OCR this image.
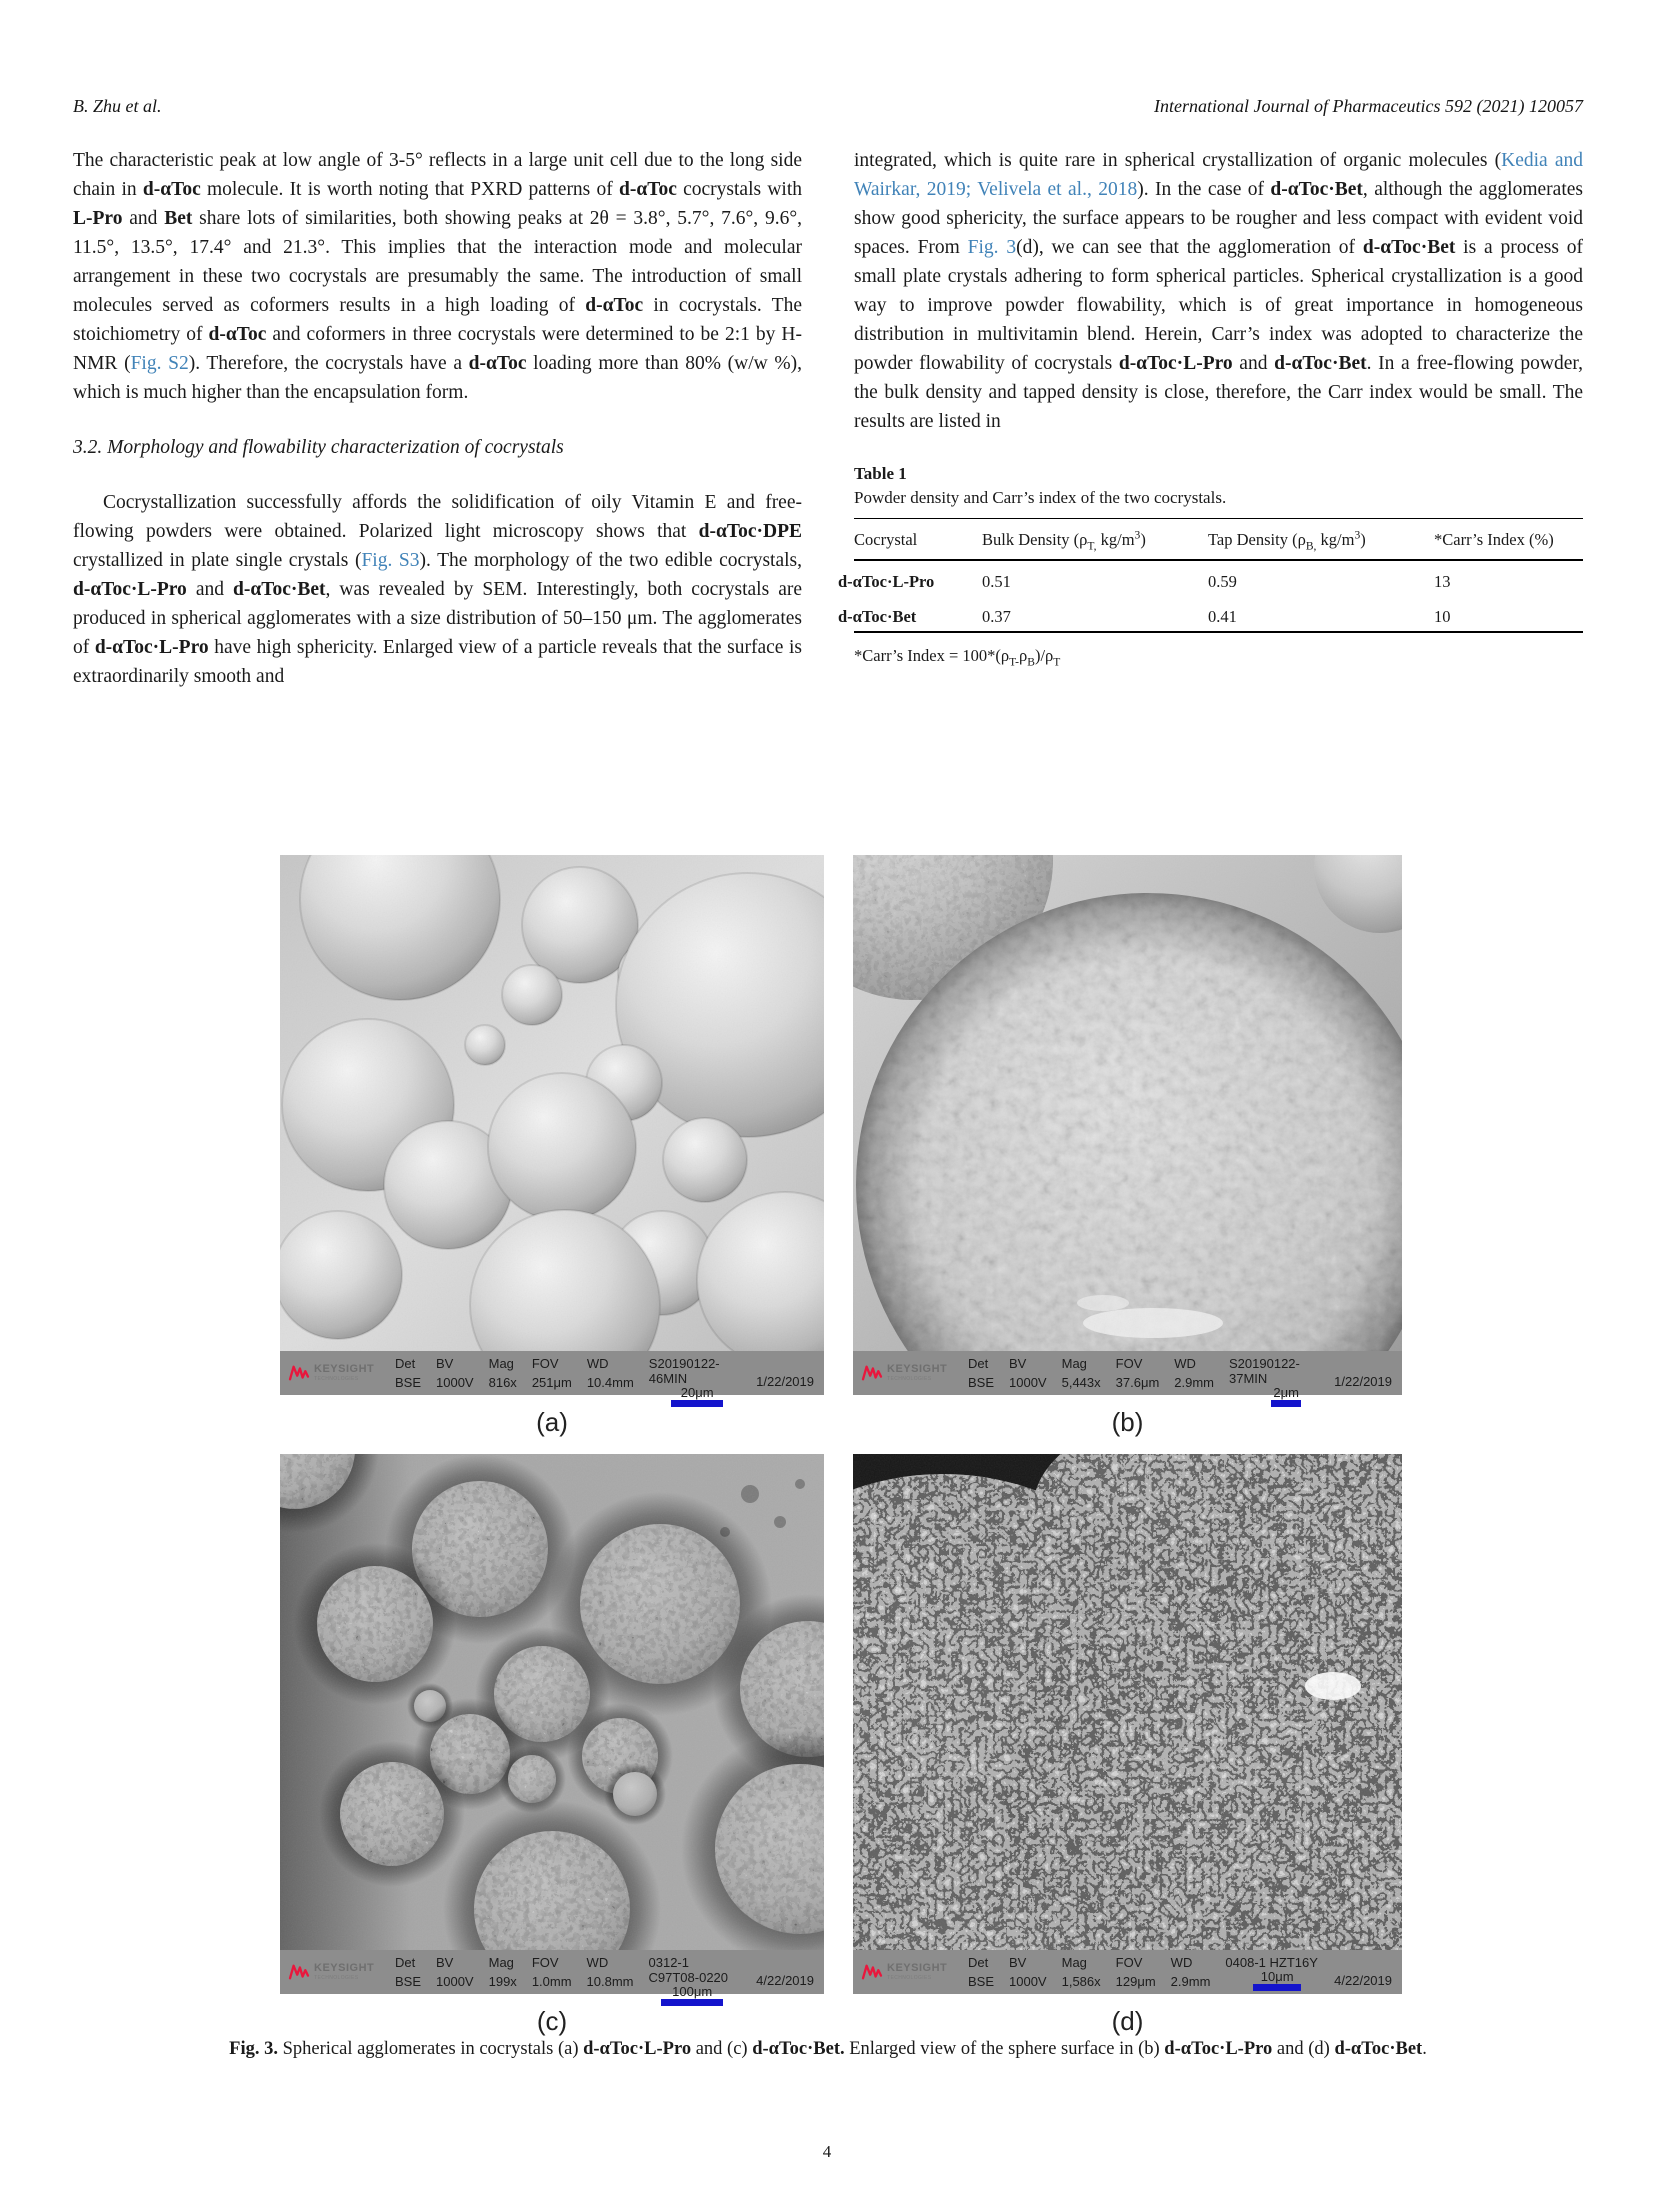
B. Zhu et al.	International Journal of Pharmaceutics 592 (2021) 120057

The characteristic peak at low angle of 3-5° reflects in a large unit cell due to the long side chain in d-αToc molecule. It is worth noting that PXRD patterns of d-αToc cocrystals with L-Pro and Bet share lots of similarities, both showing peaks at 2θ = 3.8°, 5.7°, 7.6°, 9.6°, 11.5°, 13.5°, 17.4° and 21.3°. This implies that the interaction mode and molecular arrangement in these two cocrystals are presumably the same. The introduction of small molecules served as coformers results in a high loading of d-αToc in cocrystals. The stoichiometry of d-αToc and coformers in three cocrystals were determined to be 2:1 by H-NMR (Fig. S2). Therefore, the cocrystals have a d-αToc loading more than 80% (w/w %), which is much higher than the encapsulation form.

3.2. Morphology and flowability characterization of cocrystals

Cocrystallization successfully affords the solidification of oily Vitamin E and free-flowing powders were obtained. Polarized light microscopy shows that d-αToc·DPE crystallized in plate single crystals (Fig. S3). The morphology of the two edible cocrystals, d-αToc·L-Pro and d-αToc·Bet, was revealed by SEM. Interestingly, both cocrystals are produced in spherical agglomerates with a size distribution of 50–150 μm. The agglomerates of d-αToc·L-Pro have high sphericity. Enlarged view of a particle reveals that the surface is extraordinarily smooth and

integrated, which is quite rare in spherical crystallization of organic molecules (Kedia and Wairkar, 2019; Velivela et al., 2018). In the case of d-αToc·Bet, although the agglomerates show good sphericity, the surface appears to be rougher and less compact with evident void spaces. From Fig. 3(d), we can see that the agglomeration of d-αToc·Bet is a process of small plate crystals adhering to form spherical particles. Spherical crystallization is a good way to improve powder flowability, which is of great importance in homogeneous distribution in multivitamin blend. Herein, Carr’s index was adopted to characterize the powder flowability of cocrystals d-αToc·L-Pro and d-αToc·Bet. In a free-flowing powder, the bulk density and tapped density is close, therefore, the Carr index would be small. The results are listed in

Table 1
Powder density and Carr’s index of the two cocrystals.
Cocrystal	Bulk Density ($\rho_{T,}$ $kg/m^3$)	Tap Density ($\rho_{B,}$ $kg/m^3$)	*Carr’s Index (%)
d-αToc·L-Pro	0.51	0.59	13
d-αToc·Bet	0.37	0.41	10
*Carr’s Index = $100*(\rho_{T-}\rho_B)/\rho_T$
KEYSIGHT
TECHNOLOGIES
Det
BSE
BV
1000V
Mag
816x
FOV
251μm
WD
10.4mm
S20190122-46MIN
20μm
1/22/2019
(a)
KEYSIGHT
TECHNOLOGIES
Det
BSE
BV
1000V
Mag
5,443x
FOV
37.6μm
WD
2.9mm
S20190122-37MIN
2μm
1/22/2019
(b)
KEYSIGHT
TECHNOLOGIES
Det
BSE
BV
1000V
Mag
199x
FOV
1.0mm
WD
10.8mm
0312-1 C97T08-0220
100μm
4/22/2019
(c)
KEYSIGHT
TECHNOLOGIES
Det
BSE
BV
1000V
Mag
1,586x
FOV
129μm
WD
2.9mm
0408-1 HZT16Y
10μm	4/22/2019
(d)
Fig. 3. Spherical agglomerates in cocrystals (a) d-αToc·L-Pro and (c) d-αToc·Bet. Enlarged view of the sphere surface in (b) d-αToc·L-Pro and (d) d-αToc·Bet.
4
